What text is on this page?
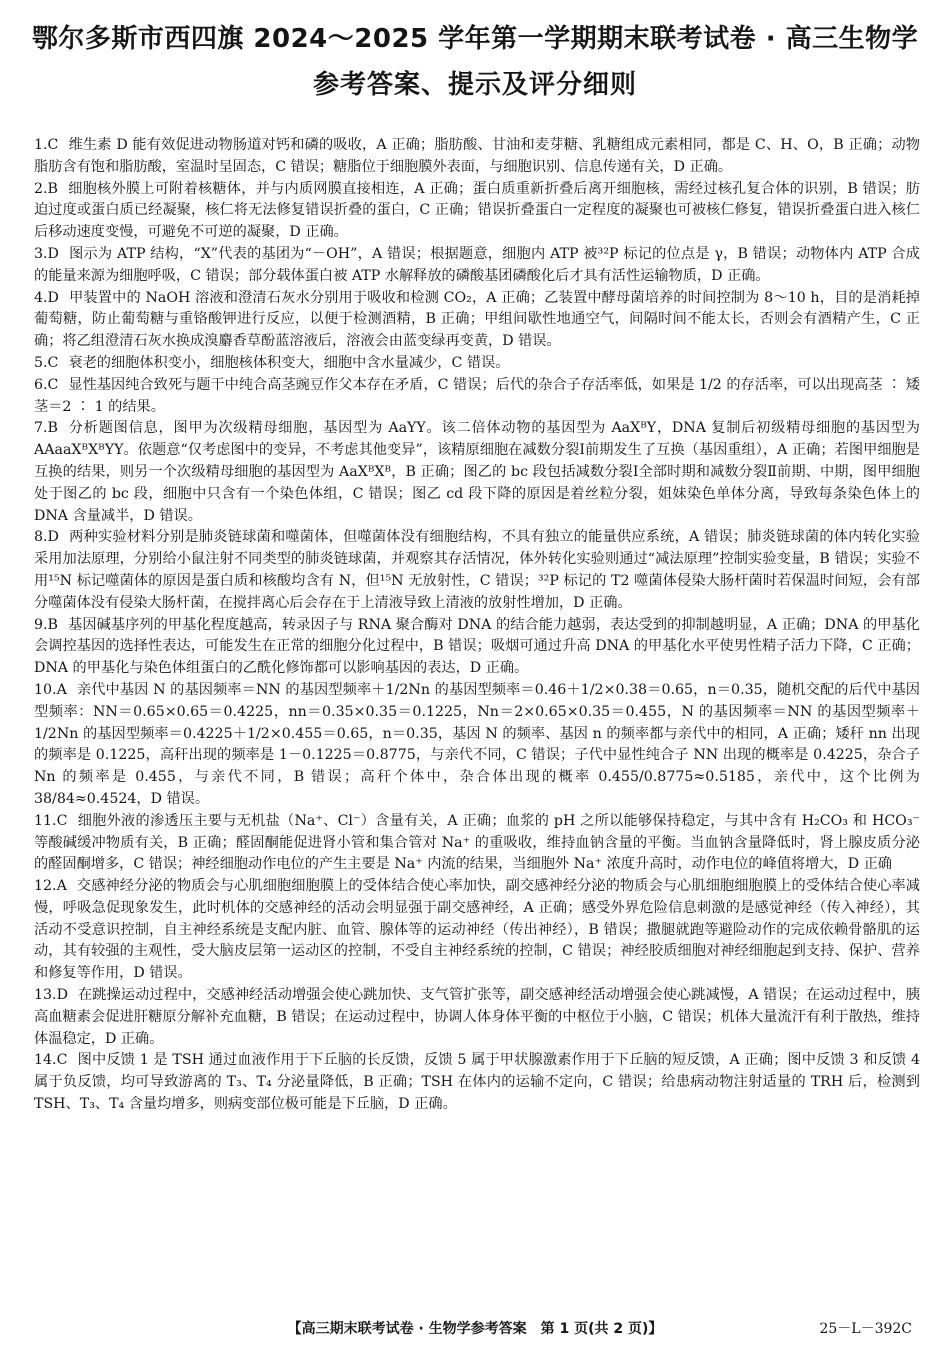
鄂尔多斯市西四旗 2024～2025 学年第一学期期末联考试卷 · 高三生物学
参考答案、提示及评分细则

1.C 维生素 D 能有效促进动物肠道对钙和磷的吸收，A 正确；脂肪酸、甘油和麦芽糖、乳糖组成元素相同，都是 C、H、O，B 正确；动物脂肪含有饱和脂肪酸，室温时呈固态，C 错误；糖脂位于细胞膜外表面，与细胞识别、信息传递有关，D 正确。

2.B 细胞核外膜上可附着核糖体，并与内质网膜直接相连，A 正确；蛋白质重新折叠后离开细胞核，需经过核孔复合体的识别，B 错误；肪迫过度或蛋白质已经凝聚，核仁将无法修复错误折叠的蛋白，C 正确；错误折叠蛋白一定程度的凝聚也可被核仁修复，错误折叠蛋白进入核仁后移动速度变慢，可避免不可逆的凝聚，D 正确。

3.D 图示为 ATP 结构，“X”代表的基团为“－OH”，A 错误；根据题意，细胞内 ATP 被³²P 标记的位点是 γ，B 错误；动物体内 ATP 合成的能量来源为细胞呼吸，C 错误；部分载体蛋白被 ATP 水解释放的磷酸基团磷酸化后才具有活性运输物质，D 正确。

4.D 甲装置中的 NaOH 溶液和澄清石灰水分别用于吸收和检测 CO₂，A 正确；乙装置中酵母菌培养的时间控制为 8～10 h，目的是消耗掉葡萄糖，防止葡萄糖与重铬酸钾进行反应，以便于检测酒精，B 正确；甲组间歇性地通空气，间隔时间不能太长，否则会有酒精产生，C 正确；将乙组澄清石灰水换成溴麝香草酚蓝溶液后，溶液会由蓝变绿再变黄，D 错误。

5.C 衰老的细胞体积变小，细胞核体积变大，细胞中含水量减少，C 错误。

6.C 显性基因纯合致死与题干中纯合高茎豌豆作父本存在矛盾，C 错误；后代的杂合子存活率低，如果是 1/2 的存活率，可以出现高茎 ∶ 矮茎＝2 ∶ 1 的结果。

7.B 分析题图信息，图甲为次级精母细胞，基因型为 AaYY。该二倍体动物的基因型为 AaXᴮY，DNA 复制后初级精母细胞的基因型为 AAaaXᴮXᴮYY。依题意“仅考虑图中的变异，不考虑其他变异”，该精原细胞在减数分裂Ⅰ前期发生了互换（基因重组），A 正确；若图甲细胞是互换的结果，则另一个次级精母细胞的基因型为 AaXᴮXᴮ，B 正确；图乙的 bc 段包括减数分裂Ⅰ全部时期和减数分裂Ⅱ前期、中期，图甲细胞处于图乙的 bc 段，细胞中只含有一个染色体组，C 错误；图乙 cd 段下降的原因是着丝粒分裂，姐妹染色单体分离，导致每条染色体上的 DNA 含量减半，D 错误。

8.D 两种实验材料分别是肺炎链球菌和噬菌体，但噬菌体没有细胞结构，不具有独立的能量供应系统，A 错误；肺炎链球菌的体内转化实验采用加法原理，分别给小鼠注射不同类型的肺炎链球菌，并观察其存活情况，体外转化实验则通过“减法原理”控制实验变量，B 错误；实验不用¹⁵N 标记噬菌体的原因是蛋白质和核酸均含有 N，但¹⁵N 无放射性，C 错误；³²P 标记的 T2 噬菌体侵染大肠杆菌时若保温时间短，会有部分噬菌体没有侵染大肠杆菌，在搅拌离心后会存在于上清液导致上清液的放射性增加，D 正确。

9.B 基因碱基序列的甲基化程度越高，转录因子与 RNA 聚合酶对 DNA 的结合能力越弱，表达受到的抑制越明显，A 正确；DNA 的甲基化会调控基因的选择性表达，可能发生在正常的细胞分化过程中，B 错误；吸烟可通过升高 DNA 的甲基化水平使男性精子活力下降，C 正确；DNA 的甲基化与染色体组蛋白的乙酰化修饰都可以影响基因的表达，D 正确。

10.A 亲代中基因 N 的基因频率＝NN 的基因型频率＋1/2Nn 的基因型频率＝0.46＋1/2×0.38＝0.65，n＝0.35，随机交配的后代中基因型频率：NN＝0.65×0.65＝0.4225，nn＝0.35×0.35＝0.1225，Nn＝2×0.65×0.35＝0.455，N 的基因频率＝NN 的基因型频率＋1/2Nn 的基因型频率＝0.4225＋1/2×0.455＝0.65，n＝0.35，基因 N 的频率、基因 n 的频率都与亲代中的相同，A 正确；矮秆 nn 出现的频率是 0.1225，高秆出现的频率是 1－0.1225＝0.8775，与亲代不同，C 错误；子代中显性纯合子 NN 出现的概率是 0.4225，杂合子 Nn 的频率是 0.455，与亲代不同，B 错误；高秆个体中，杂合体出现的概率 0.455/0.8775≈0.5185，亲代中，这个比例为 38/84≈0.4524，D 错误。

11.C 细胞外液的渗透压主要与无机盐（Na⁺、Cl⁻）含量有关，A 正确；血浆的 pH 之所以能够保持稳定，与其中含有 H₂CO₃ 和 HCO₃⁻ 等酸碱缓冲物质有关，B 正确；醛固酮能促进肾小管和集合管对 Na⁺ 的重吸收，维持血钠含量的平衡。当血钠含量降低时，肾上腺皮质分泌的醛固酮增多，C 错误；神经细胞动作电位的产生主要是 Na⁺ 内流的结果，当细胞外 Na⁺ 浓度升高时，动作电位的峰值将增大，D 正确

12.A 交感神经分泌的物质会与心肌细胞细胞膜上的受体结合使心率加快，副交感神经分泌的物质会与心肌细胞细胞膜上的受体结合使心率减慢，呼吸急促现象发生，此时机体的交感神经的活动会明显强于副交感神经，A 正确；感受外界危险信息刺激的是感觉神经（传入神经），其活动不受意识控制，自主神经系统是支配内脏、血管、腺体等的运动神经（传出神经），B 错误；撒腿就跑等避险动作的完成依赖骨骼肌的运动，其有较强的主观性，受大脑皮层第一运动区的控制，不受自主神经系统的控制，C 错误；神经胶质细胞对神经细胞起到支持、保护、营养和修复等作用，D 错误。

13.D 在跳操运动过程中，交感神经活动增强会使心跳加快、支气管扩张等，副交感神经活动增强会使心跳减慢，A 错误；在运动过程中，胰高血糖素会促进肝糖原分解补充血糖，B 错误；在运动过程中，协调人体身体平衡的中枢位于小脑，C 错误；机体大量流汗有利于散热，维持体温稳定，D 正确。

14.C 图中反馈 1 是 TSH 通过血液作用于下丘脑的长反馈，反馈 5 属于甲状腺激素作用于下丘脑的短反馈，A 正确；图中反馈 3 和反馈 4 属于负反馈，均可导致游离的 T₃、T₄ 分泌量降低，B 正确；TSH 在体内的运输不定向，C 错误；给患病动物注射适量的 TRH 后，检测到 TSH、T₃、T₄ 含量均增多，则病变部位极可能是下丘脑，D 正确。

【高三期末联考试卷 · 生物学参考答案　第 1 页(共 2 页)】	25－L－392C
